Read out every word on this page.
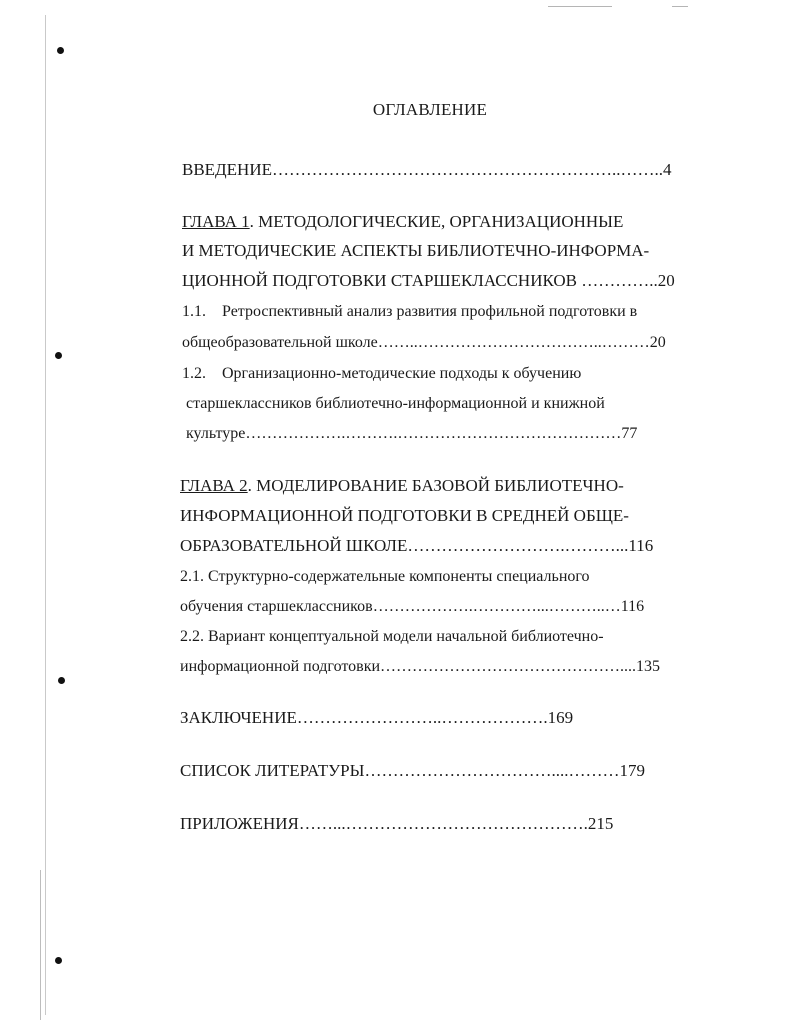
ОГЛАВЛЕНИЕ
ВВЕДЕНИЕ……………………………………………………..……..4
ГЛАВА 1. МЕТОДОЛОГИЧЕСКИЕ, ОРГАНИЗАЦИОННЫЕ
И МЕТОДИЧЕСКИЕ АСПЕКТЫ БИБЛИОТЕЧНО-ИНФОРМА-
ЦИОННОЙ ПОДГОТОВКИ СТАРШЕКЛАССНИКОВ …………..20
1.1. Ретроспективный анализ развития профильной подготовки в
общеобразовательной школе……..……………………………..………20
1.2. Организационно-методические подходы к обучению
старшеклассников библиотечно-информационной и книжной
культуре……………….……….……………………………………77
ГЛАВА 2. МОДЕЛИРОВАНИЕ БАЗОВОЙ БИБЛИОТЕЧНО-
ИНФОРМАЦИОННОЙ ПОДГОТОВКИ В СРЕДНЕЙ ОБЩЕ-
ОБРАЗОВАТЕЛЬНОЙ ШКОЛЕ……………………….………...116
2.1. Структурно-содержательные компоненты специального
обучения старшеклассников……………….…………...………..…116
2.2. Вариант концептуальной модели начальной библиотечно-
информационной подготовки………………………………………....135
ЗАКЛЮЧЕНИЕ……………………..……………….169
СПИСОК ЛИТЕРАТУРЫ……………………………....………179
ПРИЛОЖЕНИЯ……...…………………………………….215
